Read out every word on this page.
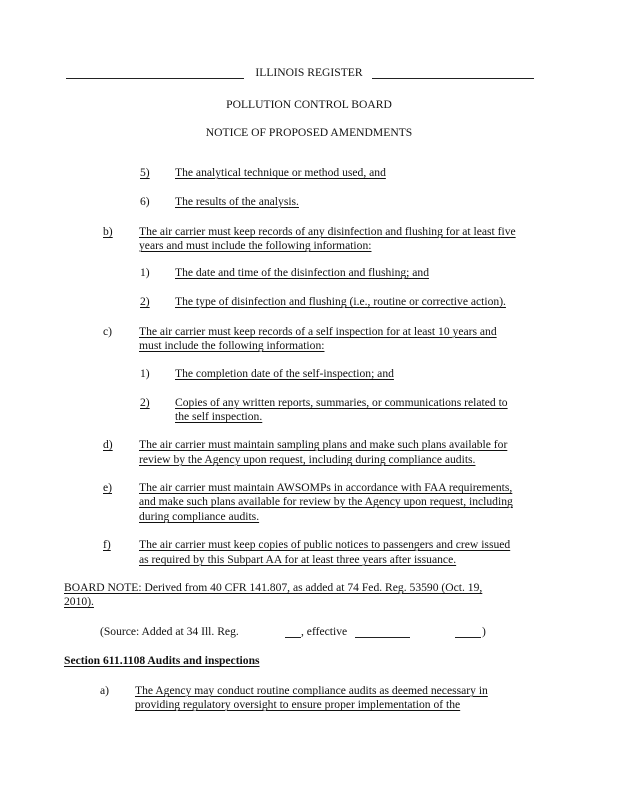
ILLINOIS REGISTER
POLLUTION CONTROL BOARD
NOTICE OF PROPOSED AMENDMENTS
5) The analytical technique or method used, and
6) The results of the analysis.
b) The air carrier must keep records of any disinfection and flushing for at least five
years and must include the following information:
1) The date and time of the disinfection and flushing; and
2) The type of disinfection and flushing (i.e., routine or corrective action).
c) The air carrier must keep records of a self inspection for at least 10 years and
must include the following information:
1) The completion date of the self-inspection; and
2) Copies of any written reports, summaries, or communications related to
the self inspection.
d) The air carrier must maintain sampling plans and make such plans available for
review by the Agency upon request, including during compliance audits.
e) The air carrier must maintain AWSOMPs in accordance with FAA requirements,
and make such plans available for review by the Agency upon request, including
during compliance audits.
f) The air carrier must keep copies of public notices to passengers and crew issued
as required by this Subpart AA for at least three years after issuance.
BOARD NOTE: Derived from 40 CFR 141.807, as added at 74 Fed. Reg. 53590 (Oct. 19,
2010).
(Source: Added at 34 Ill. Reg.	, effective	)
Section 611.1108 Audits and inspections
a) The Agency may conduct routine compliance audits as deemed necessary in
providing regulatory oversight to ensure proper implementation of the
